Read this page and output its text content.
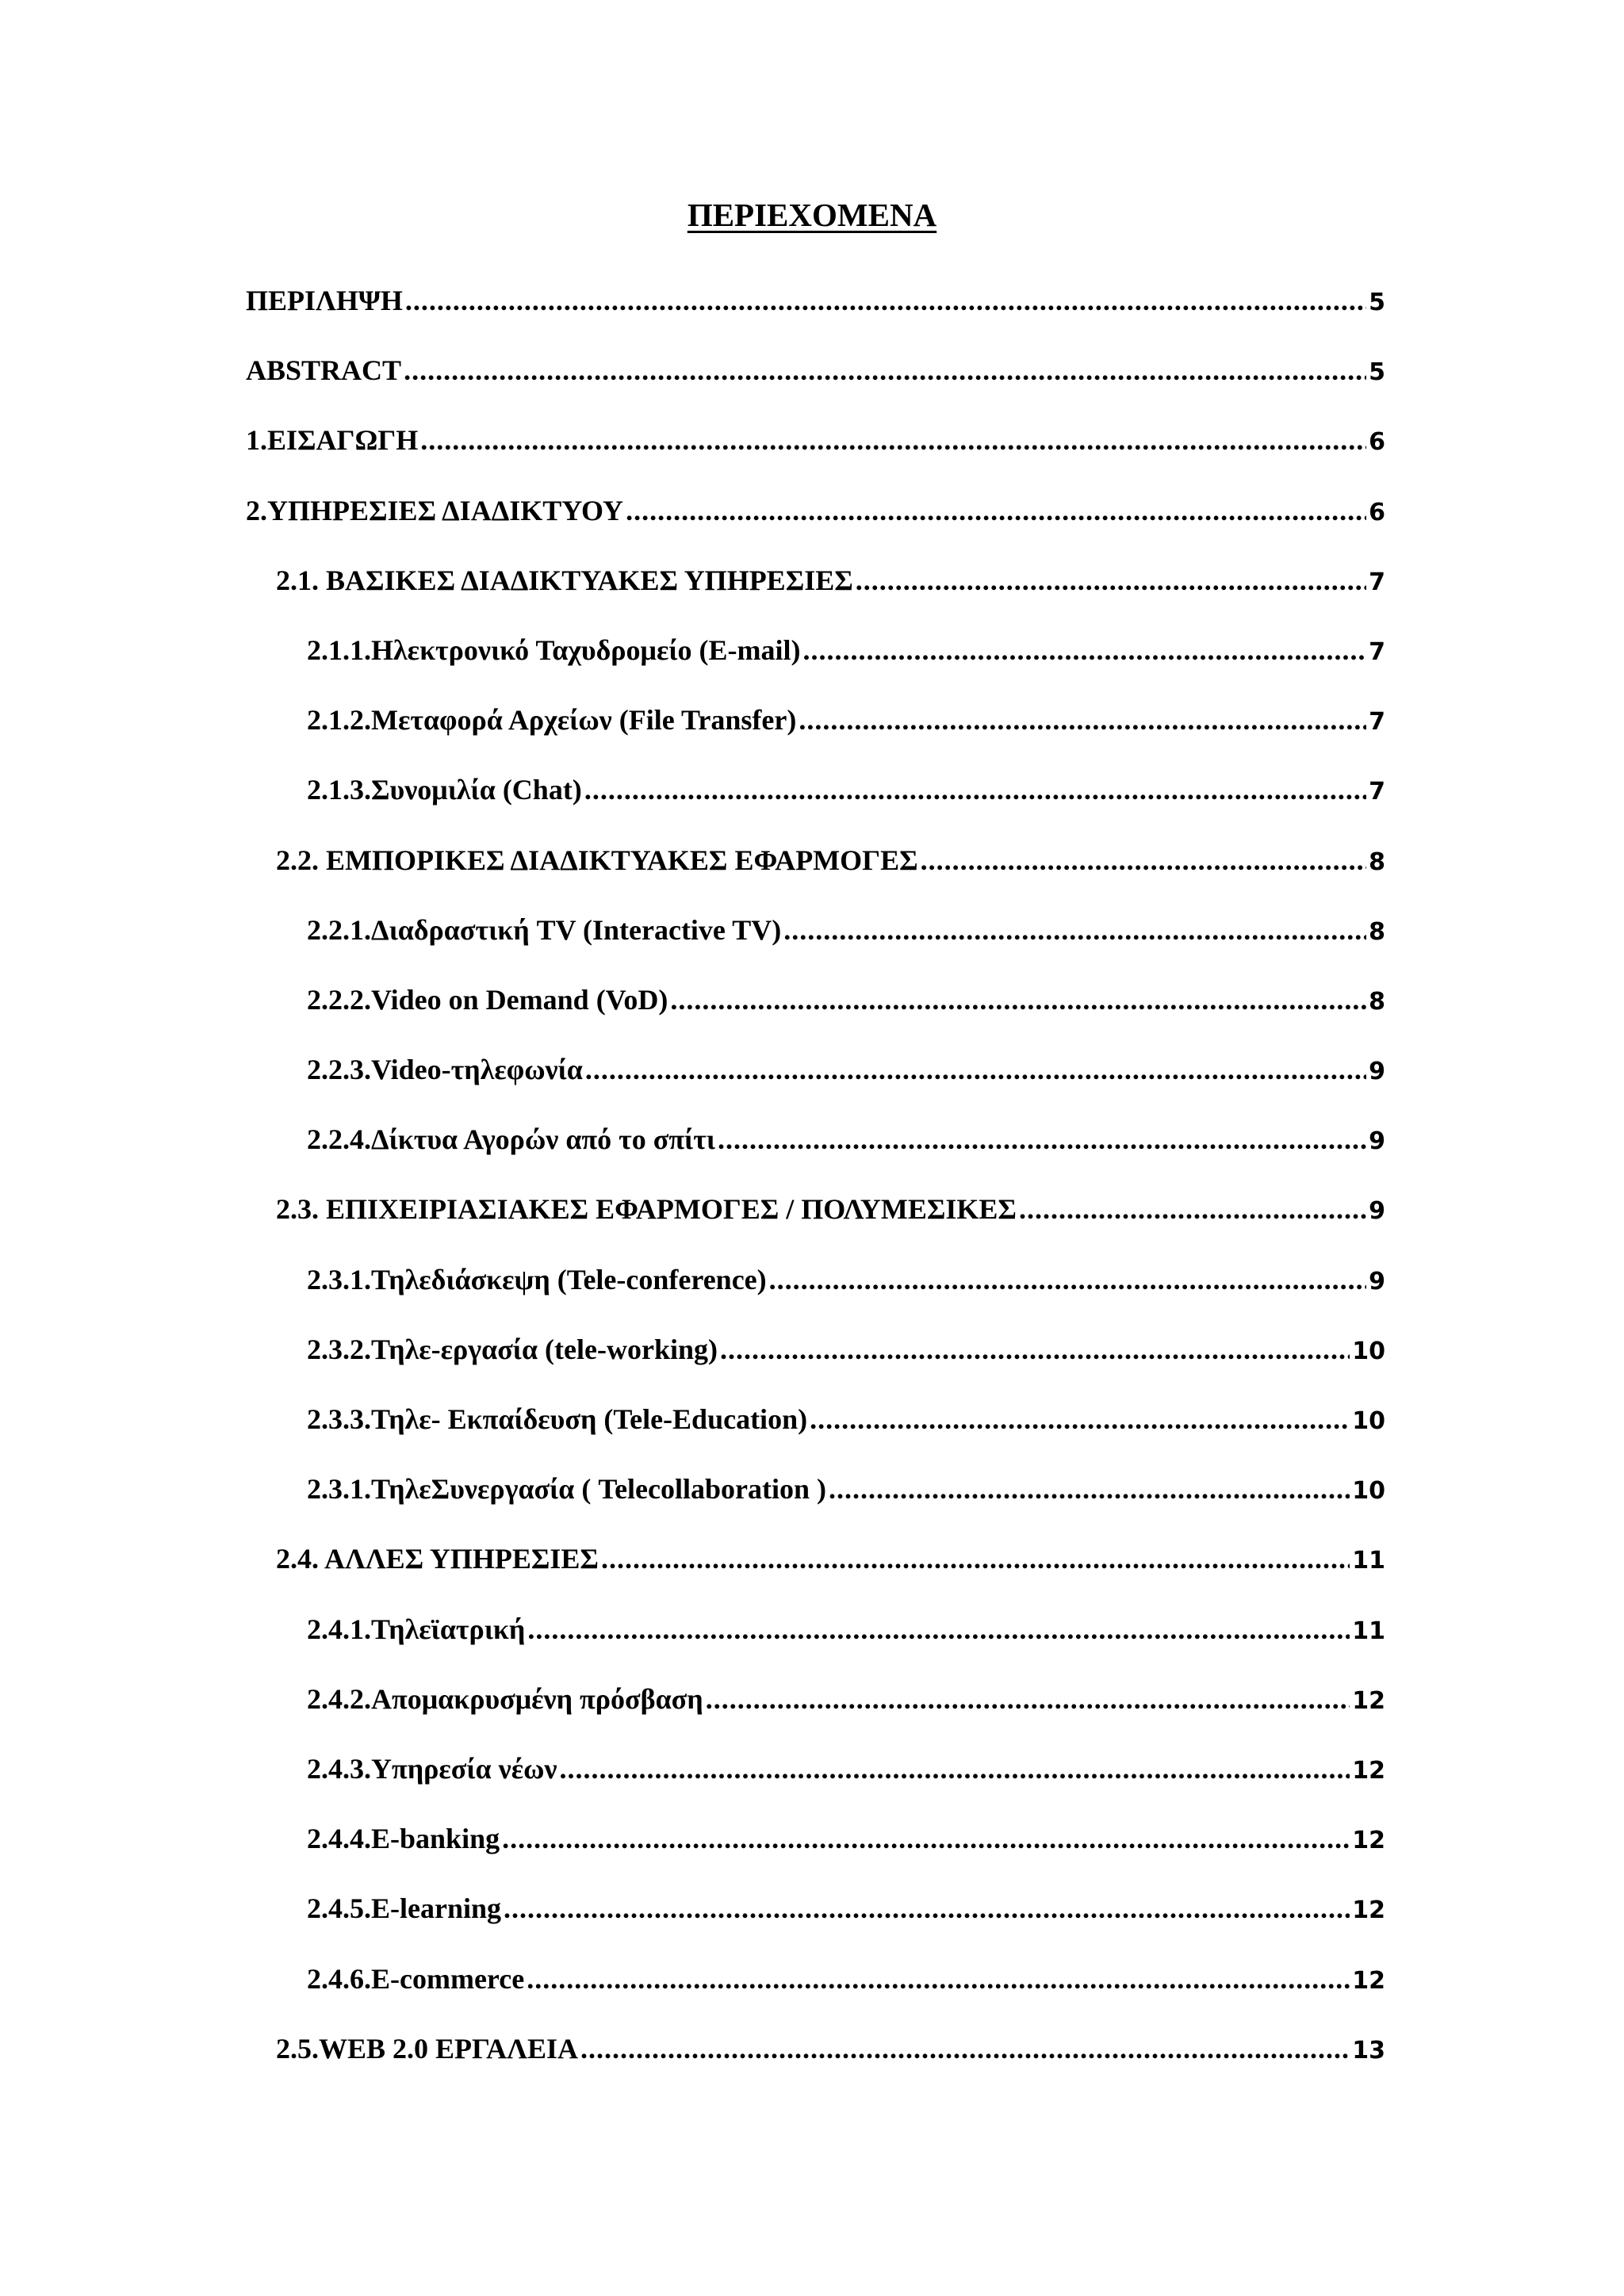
ΠΕΡΙΕΧΟΜΕΝΑ
ΠΕΡΙΛΗΨΗ .....	5
ABSTRACT .....	5
1.ΕΙΣΑΓΩΓΗ .....	6
2.ΥΠΗΡΕΣΙΕΣ ΔΙΑΔΙΚΤΥΟΥ .....	6
2.1. ΒΑΣΙΚΕΣ ΔΙΑΔΙΚΤΥΑΚΕΣ ΥΠΗΡΕΣΙΕΣ .....	7
2.1.1.Ηλεκτρονικό Ταχυδρομείο (E-mail) .....	7
2.1.2.Μεταφορά Αρχείων (File Transfer) .....	7
2.1.3.Συνομιλία (Chat) .....	7
2.2. ΕΜΠΟΡΙΚΕΣ ΔΙΑΔΙΚΤΥΑΚΕΣ ΕΦΑΡΜΟΓΕΣ .....	8
2.2.1.Διαδραστική TV (Interactive TV) .....	8
2.2.2.Video on Demand (VoD) .....	8
2.2.3.Video-τηλεφωνία .....	9
2.2.4.Δίκτυα Αγορών από το σπίτι .....	9
2.3. ΕΠΙΧΕΙΡΙΑΣΙΑΚΕΣ ΕΦΑΡΜΟΓΕΣ / ΠΟΛΥΜΕΣΙΚΕΣ .....	9
2.3.1.Τηλεδιάσκεψη (Tele-conference) .....	9
2.3.2.Τηλε-εργασία (tele-working) .....	10
2.3.3.Τηλε- Εκπαίδευση (Tele-Education) .....	10
2.3.1.ΤηλεΣυνεργασία ( Telecollaboration ) .....	10
2.4. ΑΛΛΕΣ ΥΠΗΡΕΣΙΕΣ .....	11
2.4.1.Τηλεϊατρική .....	11
2.4.2.Απομακρυσμένη πρόσβαση .....	12
2.4.3.Υπηρεσία νέων .....	12
2.4.4.E-banking .....	12
2.4.5.E-learning .....	12
2.4.6.E-commerce .....	12
2.5.WEB 2.0 ΕΡΓΑΛΕΙΑ .....	13
